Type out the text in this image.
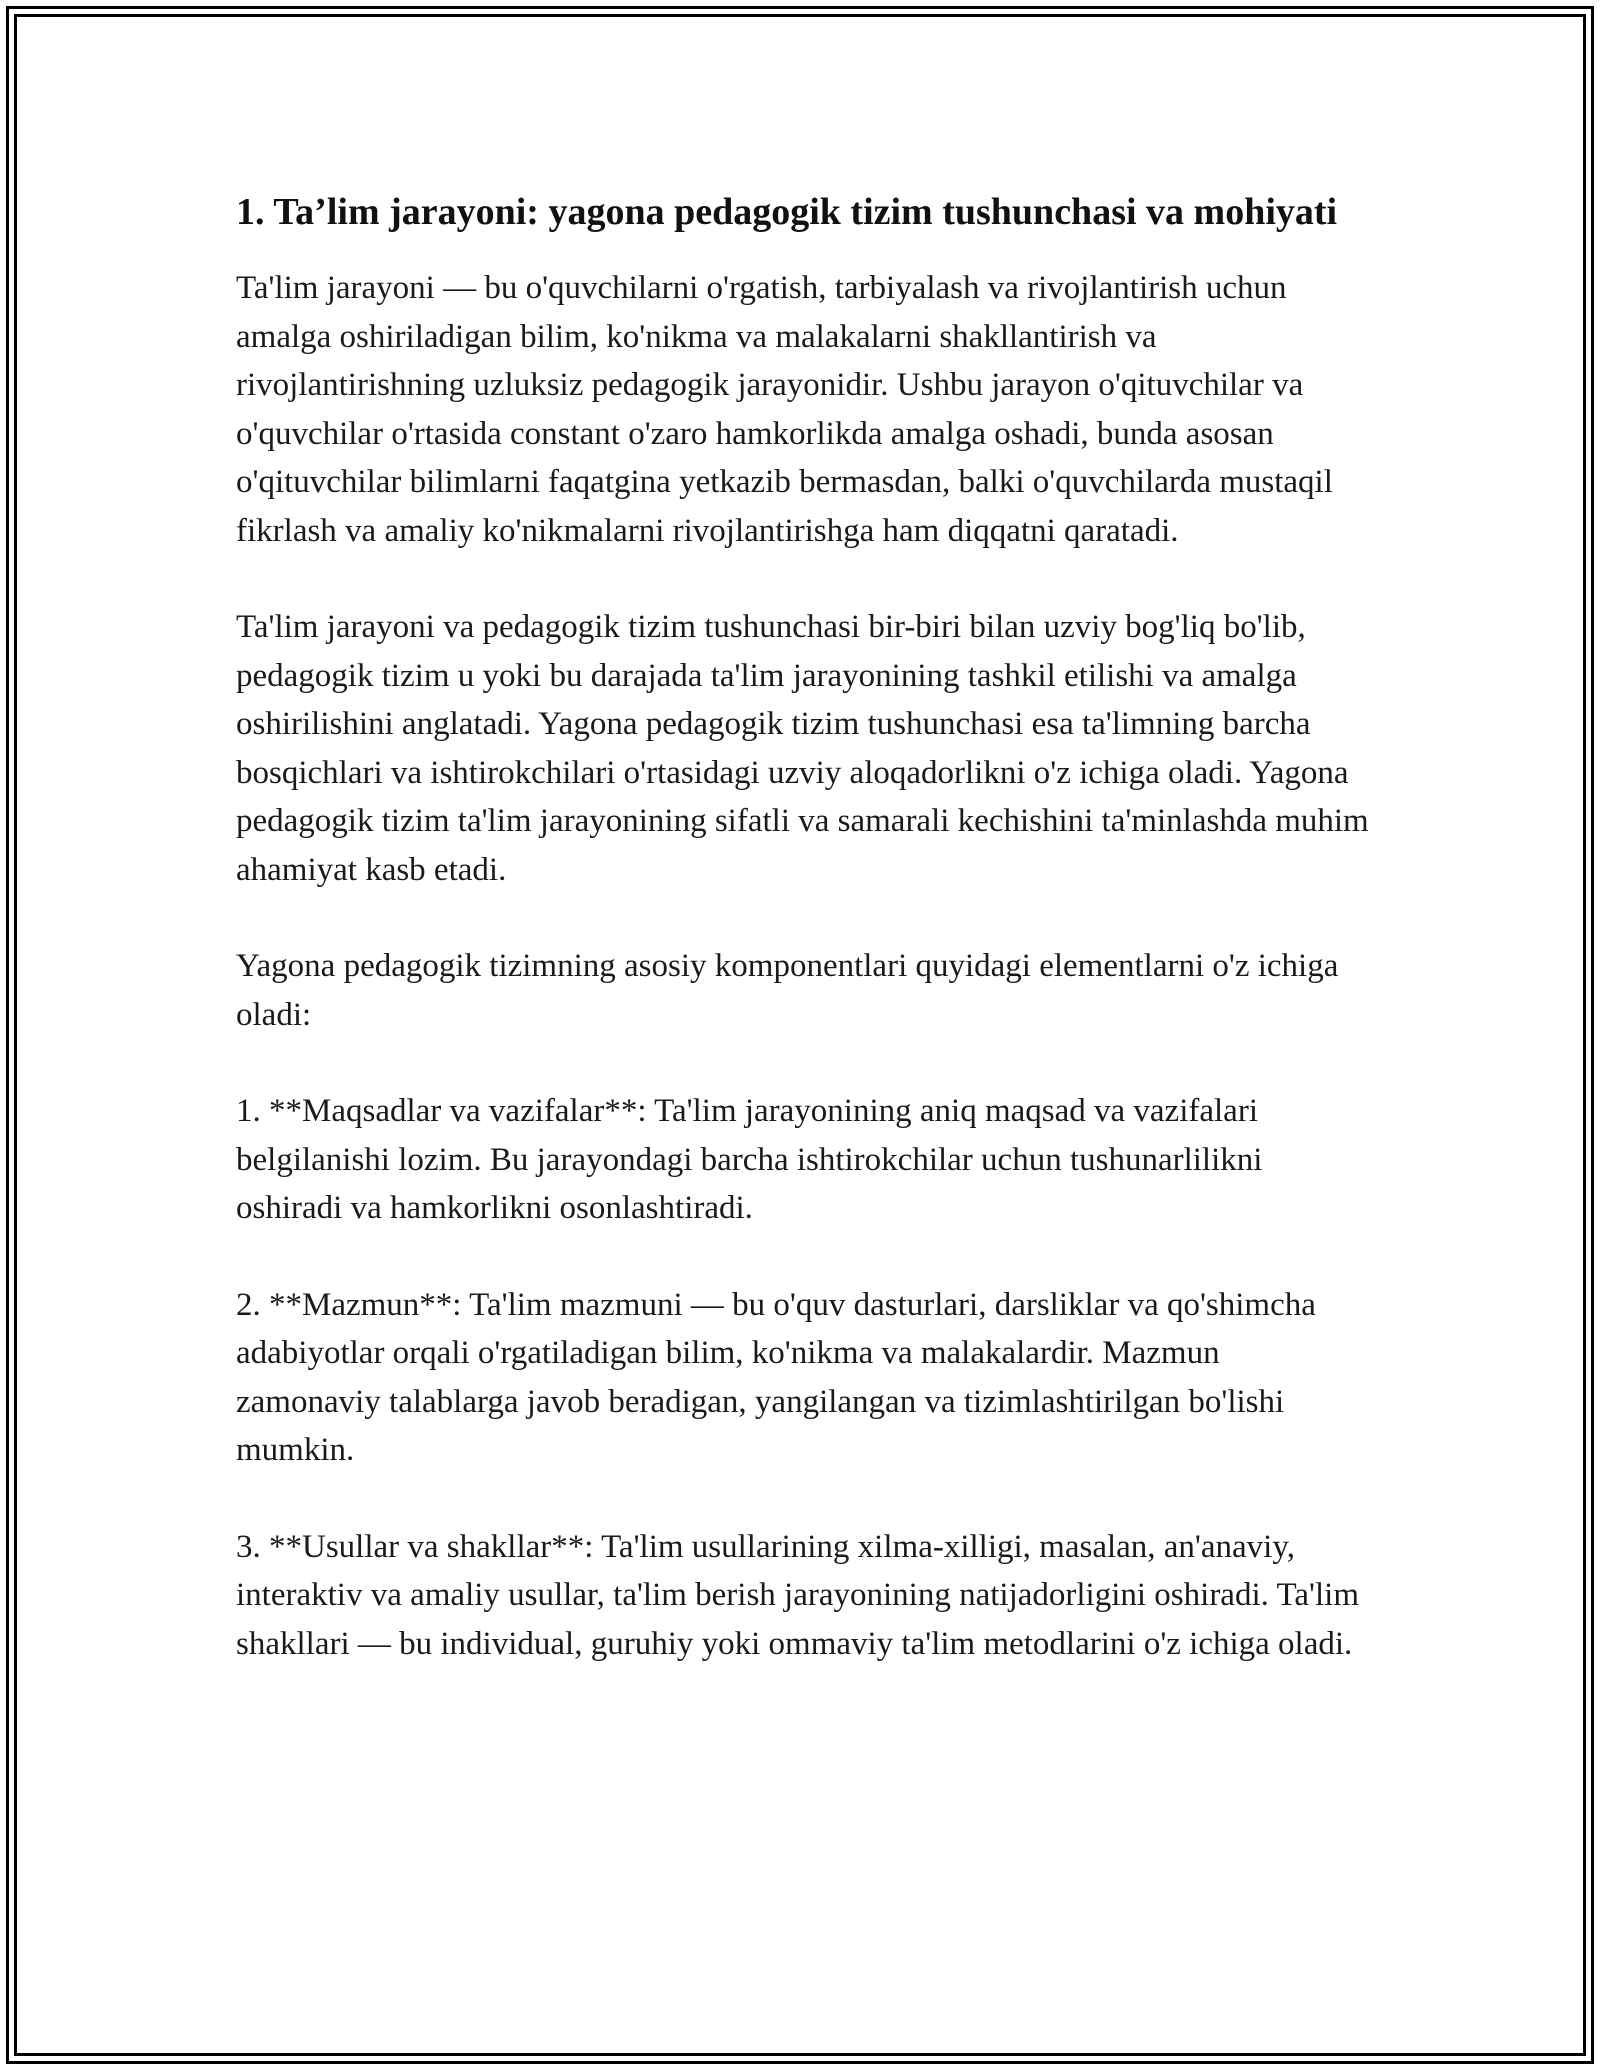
1. Ta’lim jarayoni: yagona pedagogik tizim tushunchasi va mohiyati

Ta'lim jarayoni — bu o'quvchilarni o'rgatish, tarbiyalash va rivojlantirish uchun amalga oshiriladigan bilim, ko'nikma va malakalarni shakllantirish va rivojlantirishning uzluksiz pedagogik jarayonidir. Ushbu jarayon o'qituvchilar va o'quvchilar o'rtasida constant o'zaro hamkorlikda amalga oshadi, bunda asosan o'qituvchilar bilimlarni faqatgina yetkazib bermasdan, balki o'quvchilarda mustaqil fikrlash va amaliy ko'nikmalarni rivojlantirishga ham diqqatni qaratadi.

Ta'lim jarayoni va pedagogik tizim tushunchasi bir-biri bilan uzviy bog'liq bo'lib, pedagogik tizim u yoki bu darajada ta'lim jarayonining tashkil etilishi va amalga oshirilishini anglatadi. Yagona pedagogik tizim tushunchasi esa ta'limning barcha bosqichlari va ishtirokchilari o'rtasidagi uzviy aloqadorlikni o'z ichiga oladi. Yagona pedagogik tizim ta'lim jarayonining sifatli va samarali kechishini ta'minlashda muhim ahamiyat kasb etadi.

Yagona pedagogik tizimning asosiy komponentlari quyidagi elementlarni o'z ichiga oladi:

1. **Maqsadlar va vazifalar**: Ta'lim jarayonining aniq maqsad va vazifalari belgilanishi lozim. Bu jarayondagi barcha ishtirokchilar uchun tushunarlilikni oshiradi va hamkorlikni osonlashtiradi.

2. **Mazmun**: Ta'lim mazmuni — bu o'quv dasturlari, darsliklar va qo'shimcha adabiyotlar orqali o'rgatiladigan bilim, ko'nikma va malakalardir. Mazmun zamonaviy talablarga javob beradigan, yangilangan va tizimlashtirilgan bo'lishi mumkin.

3. **Usullar va shakllar**: Ta'lim usullarining xilma-xilligi, masalan, an'anaviy, interaktiv va amaliy usullar, ta'lim berish jarayonining natijadorligini oshiradi. Ta'lim shakllari — bu individual, guruhiy yoki ommaviy ta'lim metodlarini o'z ichiga oladi.
